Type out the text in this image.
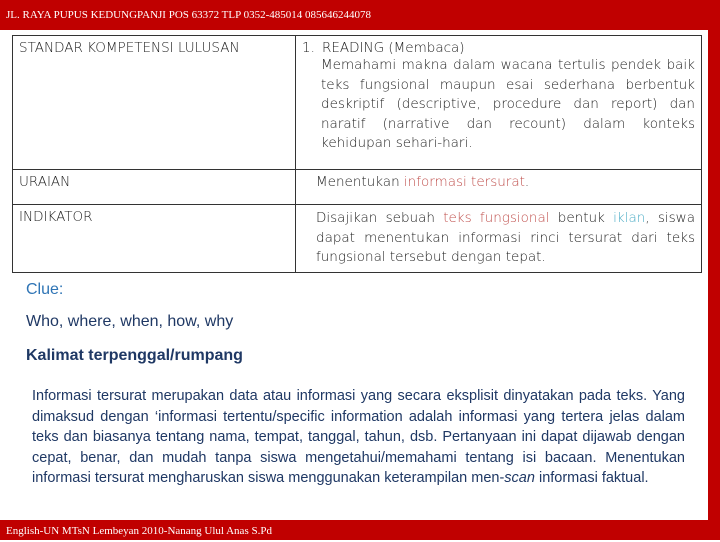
JL. RAYA PUPUS KEDUNGPANJI POS 63372 TLP 0352-485014 085646244078
STANDAR KOMPETENSI LULUSAN	1. READING (Membaca)
Memahami makna dalam wacana tertulis pendek baik teks fungsional maupun esai sederhana berbentuk deskriptif (descriptive, procedure dan report) dan naratif (narrative dan recount) dalam konteks kehidupan sehari-hari.

URAIAN	Menentukan informasi tersurat.

INDIKATOR	Disajikan sebuah teks fungsional bentuk iklan, siswa dapat menentukan informasi rinci tersurat dari teks fungsional tersebut dengan tepat.
Clue:
Who, where, when, how, why
Kalimat terpenggal/rumpang
Informasi tersurat merupakan data atau informasi yang secara eksplisit dinyatakan pada teks. Yang dimaksud dengan ‘informasi tertentu/specific information adalah informasi yang tertera jelas dalam teks dan biasanya tentang nama, tempat, tanggal, tahun, dsb. Pertanyaan ini dapat dijawab dengan cepat, benar, dan mudah tanpa siswa mengetahui/memahami tentang isi bacaan. Menentukan informasi tersurat mengharuskan siswa menggunakan keterampilan men-scan informasi faktual.
English-UN MTsN Lembeyan 2010-Nanang Ulul Anas S.Pd
